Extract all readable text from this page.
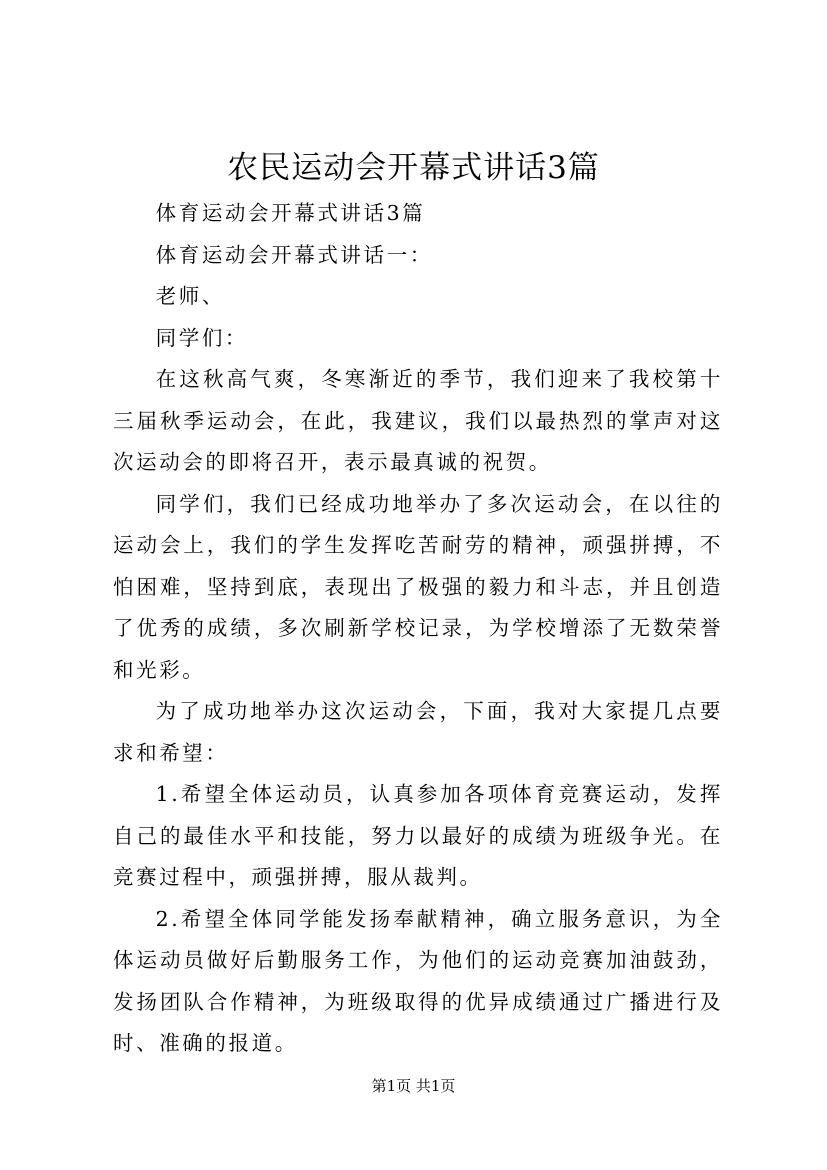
农民运动会开幕式讲话3篇

体育运动会开幕式讲话3篇

体育运动会开幕式讲话一：

老师、

同学们：

在这秋高气爽，冬寒渐近的季节，我们迎来了我校第十三届秋季运动会，在此，我建议，我们以最热烈的掌声对这次运动会的即将召开，表示最真诚的祝贺。

同学们，我们已经成功地举办了多次运动会，在以往的运动会上，我们的学生发挥吃苦耐劳的精神，顽强拼搏，不怕困难，坚持到底，表现出了极强的毅力和斗志，并且创造了优秀的成绩，多次刷新学校记录，为学校增添了无数荣誉和光彩。

为了成功地举办这次运动会，下面，我对大家提几点要求和希望：

1.希望全体运动员，认真参加各项体育竞赛运动，发挥自己的最佳水平和技能，努力以最好的成绩为班级争光。在竞赛过程中，顽强拼搏，服从裁判。

2.希望全体同学能发扬奉献精神，确立服务意识，为全体运动员做好后勤服务工作，为他们的运动竞赛加油鼓劲，发扬团队合作精神，为班级取得的优异成绩通过广播进行及时、准确的报道。

第1页 共1页
